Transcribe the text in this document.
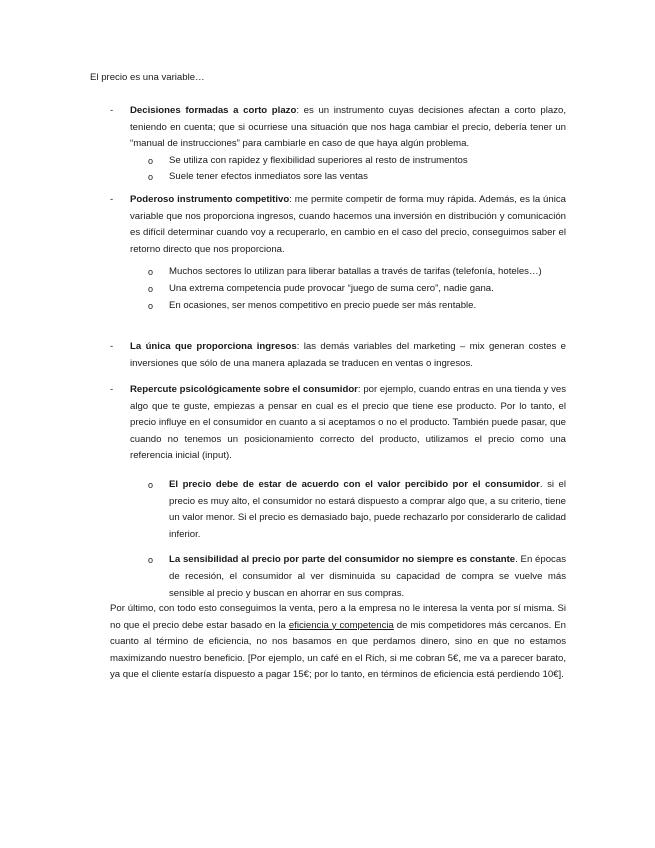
El precio es una variable…
- Decisiones formadas a corto plazo: es un instrumento cuyas decisiones afectan a corto plazo, teniendo en cuenta; que si ocurriese una situación que nos haga cambiar el precio, debería tener un “manual de instrucciones” para cambiarle en caso de que haya algún problema.
o Se utiliza con rapidez y flexibilidad superiores al resto de instrumentos
o Suele tener efectos inmediatos sore las ventas
- Poderoso instrumento competitivo: me permite competir de forma muy rápida. Además, es la única variable que nos proporciona ingresos, cuando hacemos una inversión en distribución y comunicación es difícil determinar cuando voy a recuperarlo, en cambio en el caso del precio, conseguimos saber el retorno directo que nos proporciona.
o Muchos sectores lo utilizan para liberar batallas a través de tarifas (telefonía, hoteles…)
o Una extrema competencia pude provocar “juego de suma cero”, nadie gana.
o En ocasiones, ser menos competitivo en precio puede ser más rentable.
- La única que proporciona ingresos: las demás variables del marketing – mix generan costes e inversiones que sólo de una manera aplazada se traducen en ventas o ingresos.
- Repercute psicológicamente sobre el consumidor: por ejemplo, cuando entras en una tienda y ves algo que te guste, empiezas a pensar en cual es el precio que tiene ese producto. Por lo tanto, el precio influye en el consumidor en cuanto a si aceptamos o no el producto. También puede pasar, que cuando no tenemos un posicionamiento correcto del producto, utilizamos el precio como una referencia inicial (input).
o El precio debe de estar de acuerdo con el valor percibido por el consumidor. si el precio es muy alto, el consumidor no estará dispuesto a comprar algo que, a su criterio, tiene un valor menor. Si el precio es demasiado bajo, puede rechazarlo por considerarlo de calidad inferior.
o La sensibilidad al precio por parte del consumidor no siempre es constante. En épocas de recesión, el consumidor al ver disminuida su capacidad de compra se vuelve más sensible al precio y buscan en ahorrar en sus compras.
Por último, con todo esto conseguimos la venta, pero a la empresa no le interesa la venta por sí misma. Si no que el precio debe estar basado en la eficiencia y competencia de mis competidores más cercanos. En cuanto al término de eficiencia, no nos basamos en que perdamos dinero, sino en que no estamos maximizando nuestro beneficio. [Por ejemplo, un café en el Rich, si me cobran 5€, me va a parecer barato, ya que el cliente estaría dispuesto a pagar 15€; por lo tanto, en términos de eficiencia está perdiendo 10€].
